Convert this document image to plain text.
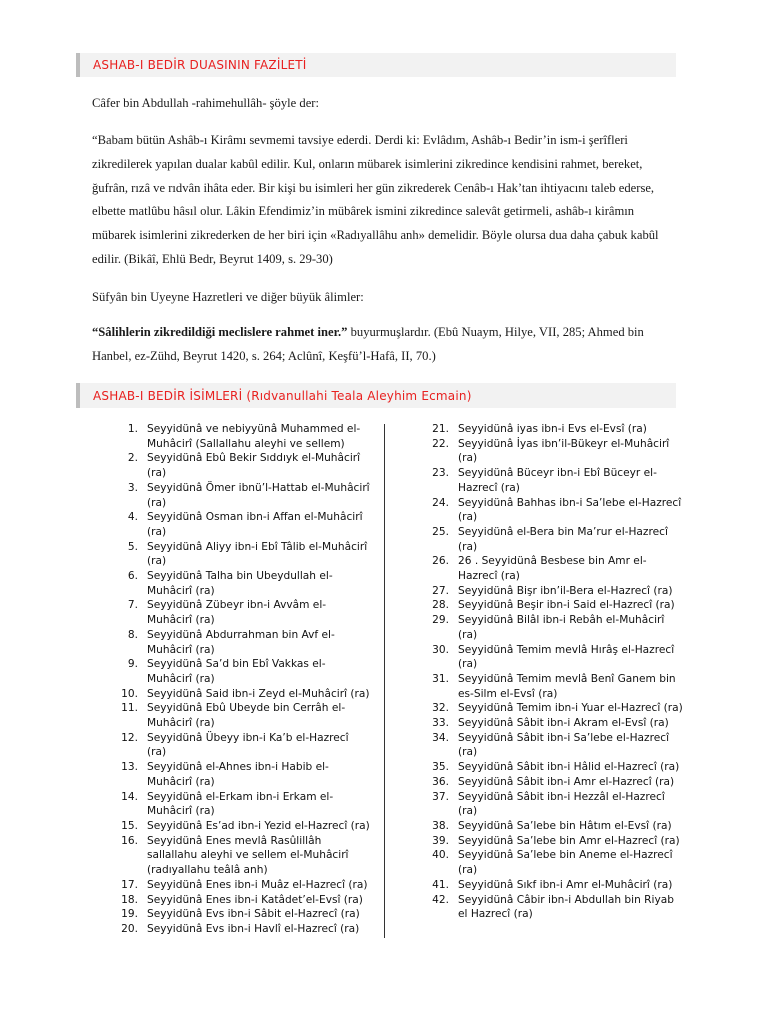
ASHAB-I BEDİR DUASININ FAZİLETİ

Câfer bin Abdullah -rahimehullâh- şöyle der:

“Babam bütün Ashâb-ı Kirâmı sevmemi tavsiye ederdi. Derdi ki: Evlâdım, Ashâb-ı Bedir’in ism-i şerîfleri zikredilerek yapılan dualar kabûl edilir. Kul, onların mübarek isimlerini zikredince kendisini rahmet, bereket, ğufrân, rızâ ve rıdvân ihâta eder. Bir kişi bu isimleri her gün zikrederek Cenâb-ı Hak’tan ihtiyacını taleb ederse, elbette matlûbu hâsıl olur. Lâkin Efendimiz’in mübârek ismini zikredince salevât getirmeli, ashâb-ı kirâmın mübarek isimlerini zikrederken de her biri için «Radıyallâhu anh» demelidir. Böyle olursa dua daha çabuk kabûl edilir. (Bikâî, Ehlü Bedr, Beyrut 1409, s. 29-30)

Süfyân bin Uyeyne Hazretleri ve diğer büyük âlimler:

“Sâlihlerin zikredildiği meclislere rahmet iner.” buyurmuşlardır. (Ebû Nuaym, Hilye, VII, 285; Ahmed bin Hanbel, ez-Zühd, Beyrut 1420, s. 264; Aclûnî, Keşfü’l-Hafâ, II, 70.)

ASHAB-I BEDİR İSİMLERİ (Rıdvanullahi Teala Aleyhim Ecmain)
1. Seyyidünâ ve nebiyyünâ Muhammed el-Muhâcirî (Sallallahu aleyhi ve sellem)
2. Seyyidünâ Ebû Bekir Sıddıyk el-Muhâcirî (ra)
3. Seyyidünâ Ömer ibnü’l-Hattab el-Muhâcirî (ra)
4. Seyyidünâ Osman ibn-i Affan el-Muhâcirî (ra)
5. Seyyidünâ Aliyy ibn-i Ebî Tâlib el-Muhâcirî (ra)
6. Seyyidünâ Talha bin Ubeydullah el-Muhâcirî (ra)
7. Seyyidünâ Zübeyr ibn-i Avvâm el-Muhâcirî (ra)
8. Seyyidünâ Abdurrahman bin Avf el-Muhâcirî (ra)
9. Seyyidünâ Sa’d bin Ebî Vakkas el-Muhâcirî (ra)
10. Seyyidünâ Said ibn-i Zeyd el-Muhâcirî (ra)
11. Seyyidünâ Ebû Ubeyde bin Cerrâh el-Muhâcirî (ra)
12. Seyyidünâ Übeyy ibn-i Ka’b el-Hazrecî (ra)
13. Seyyidünâ el-Ahnes ibn-i Habib el-Muhâcirî (ra)
14. Seyyidünâ el-Erkam ibn-i Erkam el-Muhâcirî (ra)
15. Seyyidünâ Es’ad ibn-i Yezid el-Hazrecî (ra)
16. Seyyidünâ Enes mevlâ Rasûlillâh sallallahu aleyhi ve sellem el-Muhâcirî (radıyallahu teâlâ anh)
17. Seyyidünâ Enes ibn-i Muâz el-Hazrecî (ra)
18. Seyyidünâ Enes ibn-i Katâdet’el-Evsî (ra)
19. Seyyidünâ Evs ibn-i Sâbit el-Hazrecî (ra)
20. Seyyidünâ Evs ibn-i Havlî el-Hazrecî (ra)
21. Seyyidünâ iyas ibn-i Evs el-Evsî (ra)
22. Seyyidünâ İyas ibn’il-Bükeyr el-Muhâcirî (ra)
23. Seyyidünâ Büceyr ibn-i Ebî Büceyr el-Hazrecî (ra)
24. Seyyidünâ Bahhas ibn-i Sa’lebe el-Hazrecî (ra)
25. Seyyidünâ el-Bera bin Ma’rur el-Hazrecî (ra)
26. 26 . Seyyidünâ Besbese bin Amr el-Hazrecî (ra)
27. Seyyidünâ Bişr ibn’il-Bera el-Hazrecî (ra)
28. Seyyidünâ Beşir ibn-i Said el-Hazrecî (ra)
29. Seyyidünâ Bilâl ibn-i Rebâh el-Muhâcirî (ra)
30. Seyyidünâ Temim mevlâ Hırâş el-Hazrecî (ra)
31. Seyyidünâ Temim mevlâ Benî Ganem bin es-Silm el-Evsî (ra)
32. Seyyidünâ Temim ibn-i Yuar el-Hazrecî (ra)
33. Seyyidünâ Sâbit ibn-i Akram el-Evsî (ra)
34. Seyyidünâ Sâbit ibn-i Sa’lebe el-Hazrecî (ra)
35. Seyyidünâ Sâbit ibn-i Hâlid el-Hazrecî (ra)
36. Seyyidünâ Sâbit ibn-i Amr el-Hazrecî (ra)
37. Seyyidünâ Sâbit ibn-i Hezzâl el-Hazrecî (ra)
38. Seyyidünâ Sa’lebe bin Hâtım el-Evsî (ra)
39. Seyyidünâ Sa’lebe bin Amr el-Hazrecî (ra)
40. Seyyidünâ Sa’lebe bin Aneme el-Hazrecî (ra)
41. Seyyidünâ Sıkf ibn-i Amr el-Muhâcirî (ra)
42. Seyyidünâ Câbir ibn-i Abdullah bin Riyab el Hazrecî (ra)
